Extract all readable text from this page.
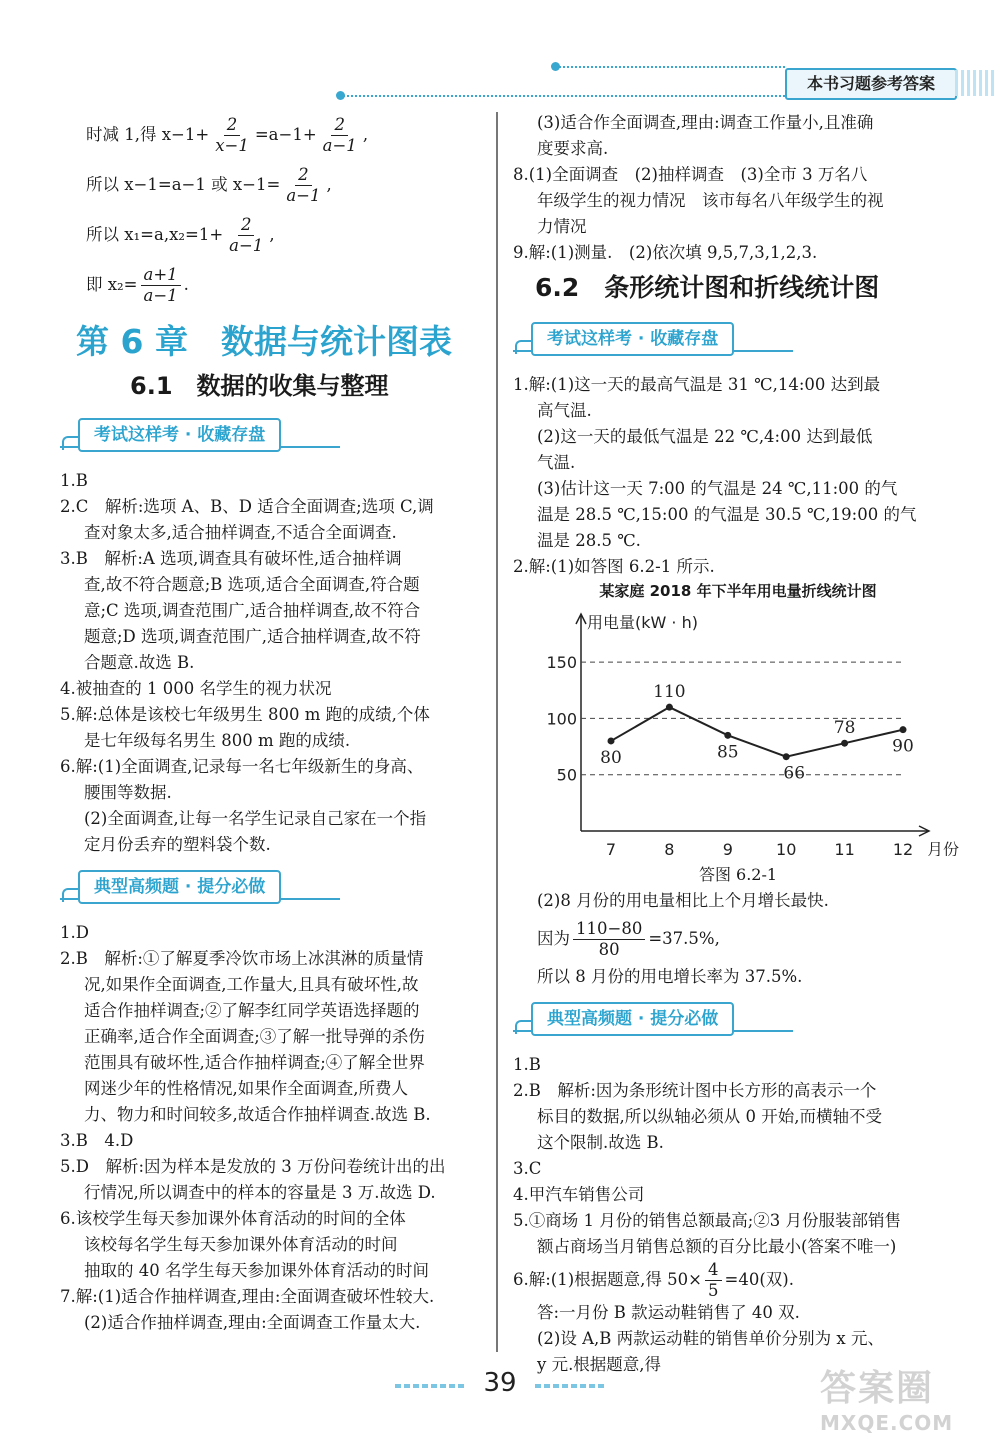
本书习题参考答案
时减 1,得 $x-1+ \frac{2}{x-1} =a-1+ \frac{2}{a-1}$ ,
所以 x−1=a−1 或 $x-1= \frac{2}{a-1}$ ,
所以 $x_1=a,x_2=1+ \frac{2}{a-1}$ ,
即 $x_2= \frac{a+1}{a-1}$ .
第 6 章　数据与统计图表
6.1　数据的收集与整理
考试这样考 · 收藏存盘

1.B

2.C　解析:选项 A、B、D 适合全面调查;选项 C,调

查对象太多,适合抽样调查,不适合全面调查.

3.B　解析:A 选项,调查具有破坏性,适合抽样调

查,故不符合题意;B 选项,适合全面调查,符合题

意;C 选项,调查范围广,适合抽样调查,故不符合

题意;D 选项,调查范围广,适合抽样调查,故不符

合题意.故选 B.

4.被抽查的 1 000 名学生的视力状况

5.解:总体是该校七年级男生 800 m 跑的成绩,个体

是七年级每名男生 800 m 跑的成绩.

6.解:(1)全面调查,记录每一名七年级新生的身高、

腰围等数据.

(2)全面调查,让每一名学生记录自己家在一个指

定月份丢弃的塑料袋个数.

典型高频题 · 提分必做

1.D

2.B　解析:①了解夏季冷饮市场上冰淇淋的质量情

况,如果作全面调查,工作量大,且具有破坏性,故

适合作抽样调查;②了解李红同学英语选择题的

正确率,适合作全面调查;③了解一批导弹的杀伤

范围具有破坏性,适合作抽样调查;④了解全世界

网迷少年的性格情况,如果作全面调查,所费人

力、物力和时间较多,故适合作抽样调查.故选 B.

3.B　4.D

5.D　解析:因为样本是发放的 3 万份问卷统计出的出

行情况,所以调查中的样本的容量是 3 万.故选 D.

6.该校学生每天参加课外体育活动的时间的全体

该校每名学生每天参加课外体育活动的时间

抽取的 40 名学生每天参加课外体育活动的时间

7.解:(1)适合作抽样调查,理由:全面调查破坏性较大.

(2)适合作抽样调查,理由:全面调查工作量太大.

(3)适合作全面调查,理由:调查工作量小,且准确

度要求高.

8.(1)全面调查　(2)抽样调查　(3)全市 3 万名八

年级学生的视力情况　该市每名八年级学生的视

力情况

9.解:(1)测量.　(2)依次填 9,5,7,3,1,2,3.

6.2　条形统计图和折线统计图
考试这样考 · 收藏存盘

1.解:(1)这一天的最高气温是 31 ℃,14:00 达到最

高气温.

(2)这一天的最低气温是 22 ℃,4:00 达到最低

气温.

(3)估计这一天 7:00 的气温是 24 ℃,11:00 的气

温是 28.5 ℃,15:00 的气温是 30.5 ℃,19:00 的气

温是 28.5 ℃.

2.解:(1)如答图 6.2-1 所示.

某家庭 2018 年下半年用电量折线统计图
用电量(kW · h)
月份
50
100
150
7	8	9	10 11 12
80
110
85
66
78
90
答图 6.2-1

(2)8 月份的用电量相比上个月增长最快.

因为 $\frac{110-80}{80} =37.5\%$,

所以 8 月份的用电增长率为 37.5%.

典型高频题 · 提分必做

1.B

2.B　解析:因为条形统计图中长方形的高表示一个

标目的数据,所以纵轴必须从 0 开始,而横轴不受

这个限制.故选 B.

3.C

4.甲汽车销售公司

5.①商场 1 月份的销售总额最高;②3 月份服装部销售

额占商场当月销售总额的百分比最小(答案不唯一)

6.解:(1)根据题意,得 $50\times \frac{4}{5} =40$(双).

答:一月份 B 款运动鞋销售了 40 双.

(2)设 A,B 两款运动鞋的销售单价分别为 x 元、

y 元.根据题意,得

39	答案圈
MXQE.COM
